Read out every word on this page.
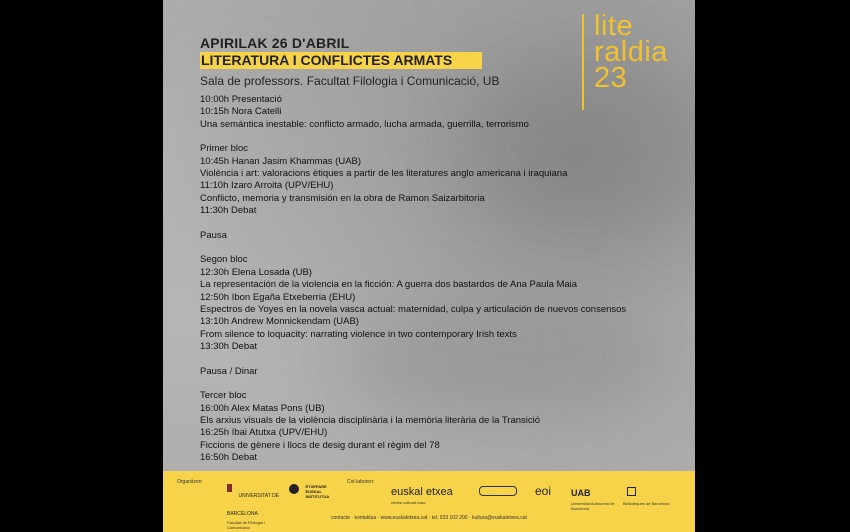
APIRILAK 26 D'ABRIL
LITERATURA I CONFLICTES ARMATS
Sala de professors. Facultat Filologia i Comunicació, UB
lite
raldia
23
10:00h Presentació
10:15h Nora Catelli
Una semántica inestable: conflicto armado, lucha armada, guerrilla, terrorismo
Primer bloc
10:45h Hanan Jasim Khammas (UAB)
Violència i art: valoracions ètiques a partir de les literatures anglo americana i iraquiana
11:10h Izaro Arroita (UPV/EHU)
Conflicto, memoria y transmisión en la obra de Ramon Saizarbitoria
11:30h Debat
Pausa
Segon bloc
12:30h Elena Losada (UB)
La representación de la violencia en la ficción: A guerra dos bastardos de Ana Paula Maia
12:50h Ibon Egaña Etxeberria (EHU)
Espectros de Yoyes en la novela vasca actual: maternidad, culpa y articulación de nuevos consensos
13:10h Andrew Monnickendam (UAB)
From silence to loquacity: narrating violence in two contemporary Irish texts
13:30h Debat
Pausa / Dinar
Tercer bloc
16:00h Alex Matas Pons (UB)
Els arxius visuals de la violència disciplinària i la memòria literària de la Transició
16:25h Ibai Atutxa (UPV/EHU)
Ficcions de gènere i llocs de desig durant el règim del 78
16:50h Debat
Organitzen:
UNIVERSITAT DE BARCELONA
Facultat de Filologia i Comunicació
ETXEPARE EUSKAL INSTITUTUA
Col·laboren:
euskal etxea
centre cultural basc
eoi UAB
Universitat Autònoma de Barcelona
Biblioteques de Barcelona
contacte · kontaktua · www.euskaletxea.cat · tel. 933 102 200 · kultura@euskaletxea.cat
